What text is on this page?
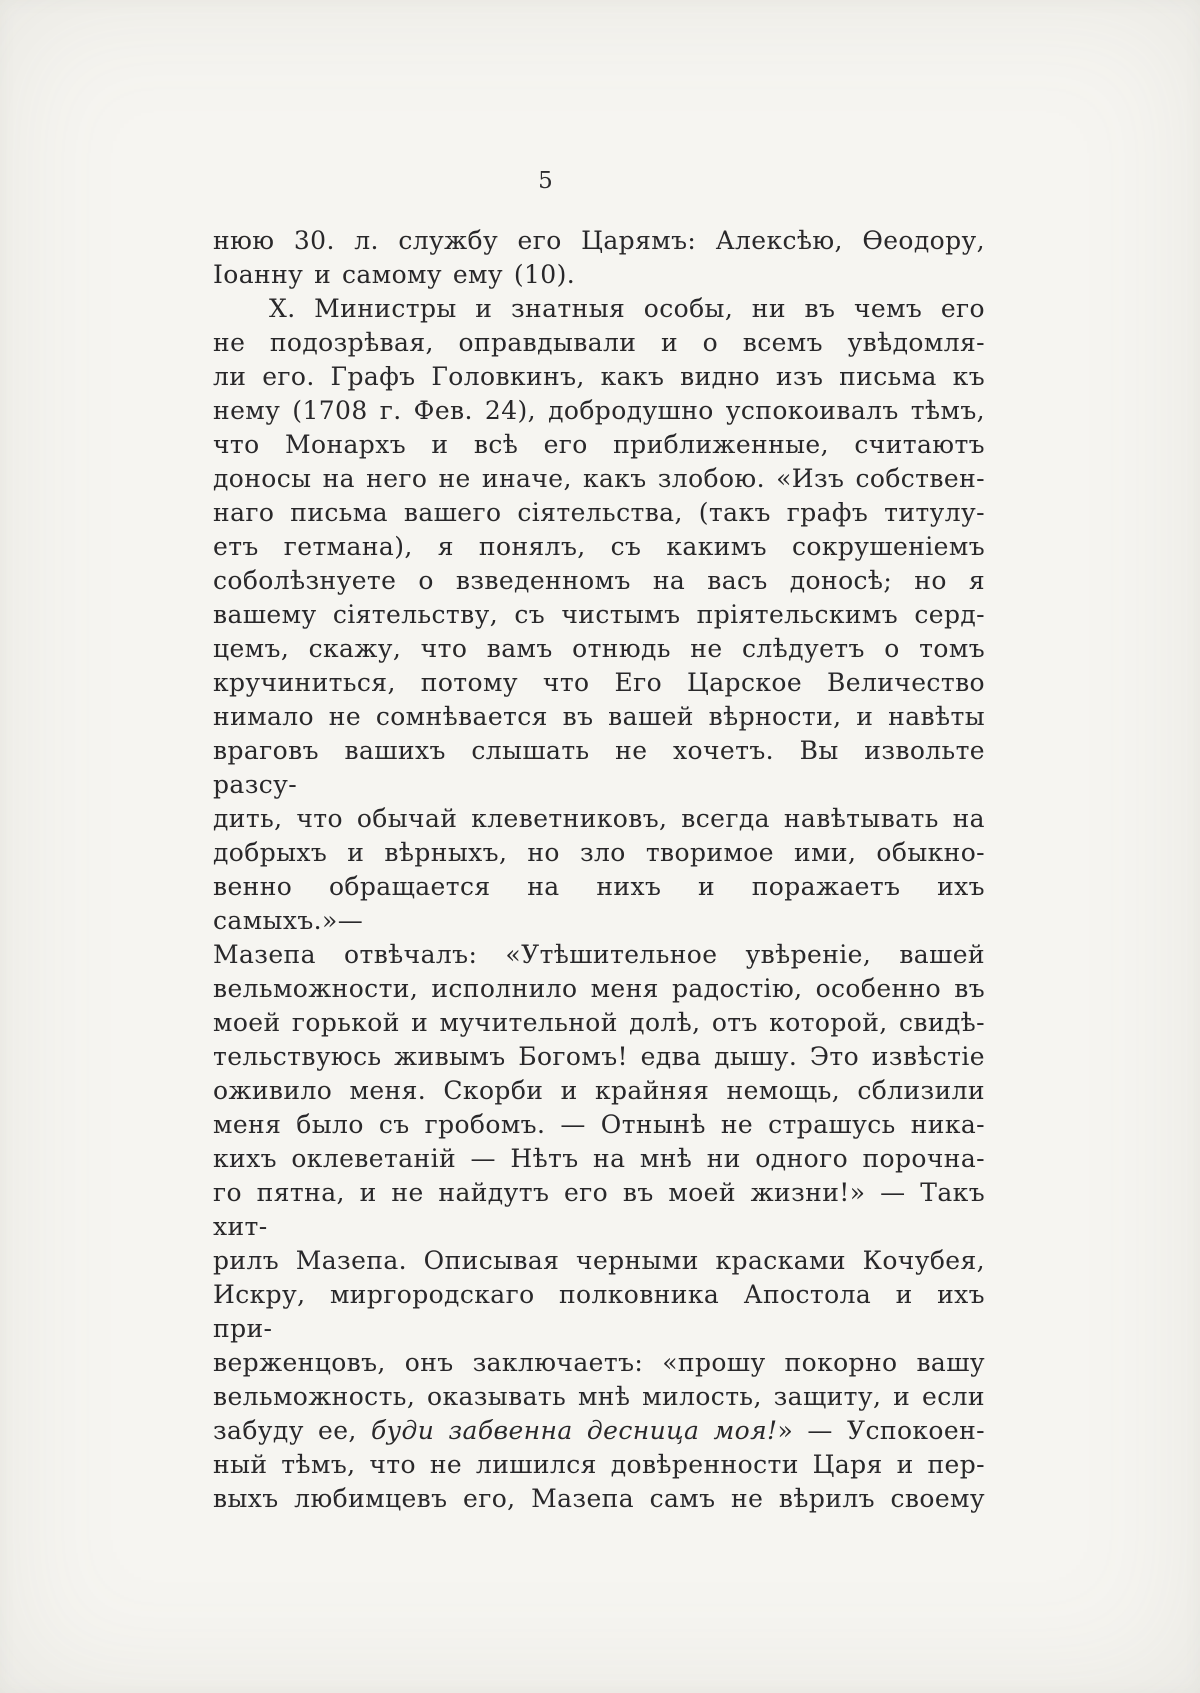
5
нюю 30. л. службу его Царямъ: Алексѣю, Ѳеодору,
Іоанну и самому ему (10).
Х. Министры и знатныя особы, ни въ чемъ его
не подозрѣвая, оправдывали и о всемъ увѣдомля-
ли его. Графъ Головкинъ, какъ видно изъ письма къ
нему (1708 г. Фев. 24), добродушно успокоивалъ тѣмъ,
что Монархъ и всѣ его приближенные, считаютъ
доносы на него не иначе, какъ злобою. «Изъ собствен-
наго письма вашего сіятельства, (такъ графъ титулу-
етъ гетмана), я понялъ, съ какимъ сокрушеніемъ
соболѣзнуете о взведенномъ на васъ доносѣ; но я
вашему сіятельству, съ чистымъ пріятельскимъ серд-
цемъ, скажу, что вамъ отнюдь не слѣдуетъ о томъ
кручиниться, потому что Его Царское Величество
нимало не сомнѣвается въ вашей вѣрности, и навѣты
враговъ вашихъ слышать не хочетъ. Вы извольте разсу-
дить, что обычай клеветниковъ, всегда навѣтывать на
добрыхъ и вѣрныхъ, но зло творимое ими, обыкно-
венно обращается на нихъ и поражаетъ ихъ самыхъ.»—
Мазепа отвѣчалъ: «Утѣшительное увѣреніе, вашей
вельможности, исполнило меня радостію, особенно въ
моей горькой и мучительной долѣ, отъ которой, свидѣ-
тельствуюсь живымъ Богомъ! едва дышу. Это извѣстіе
оживило меня. Скорби и крайняя немощь, сблизили
меня было съ гробомъ. — Отнынѣ не страшусь ника-
кихъ оклеветаній — Нѣтъ на мнѣ ни одного порочна-
го пятна, и не найдутъ его въ моей жизни!» — Такъ хит-
рилъ Мазепа. Описывая черными красками Кочубея,
Искру, миргородскаго полковника Апостола и ихъ при-
верженцовъ, онъ заключаетъ: «прошу покорно вашу
вельможность, оказывать мнѣ милость, защиту, и если
забуду ее, буди забвенна десница моя!» — Успокоен-
ный тѣмъ, что не лишился довѣренности Царя и пер-
выхъ любимцевъ его, Мазепа самъ не вѣрилъ своему
